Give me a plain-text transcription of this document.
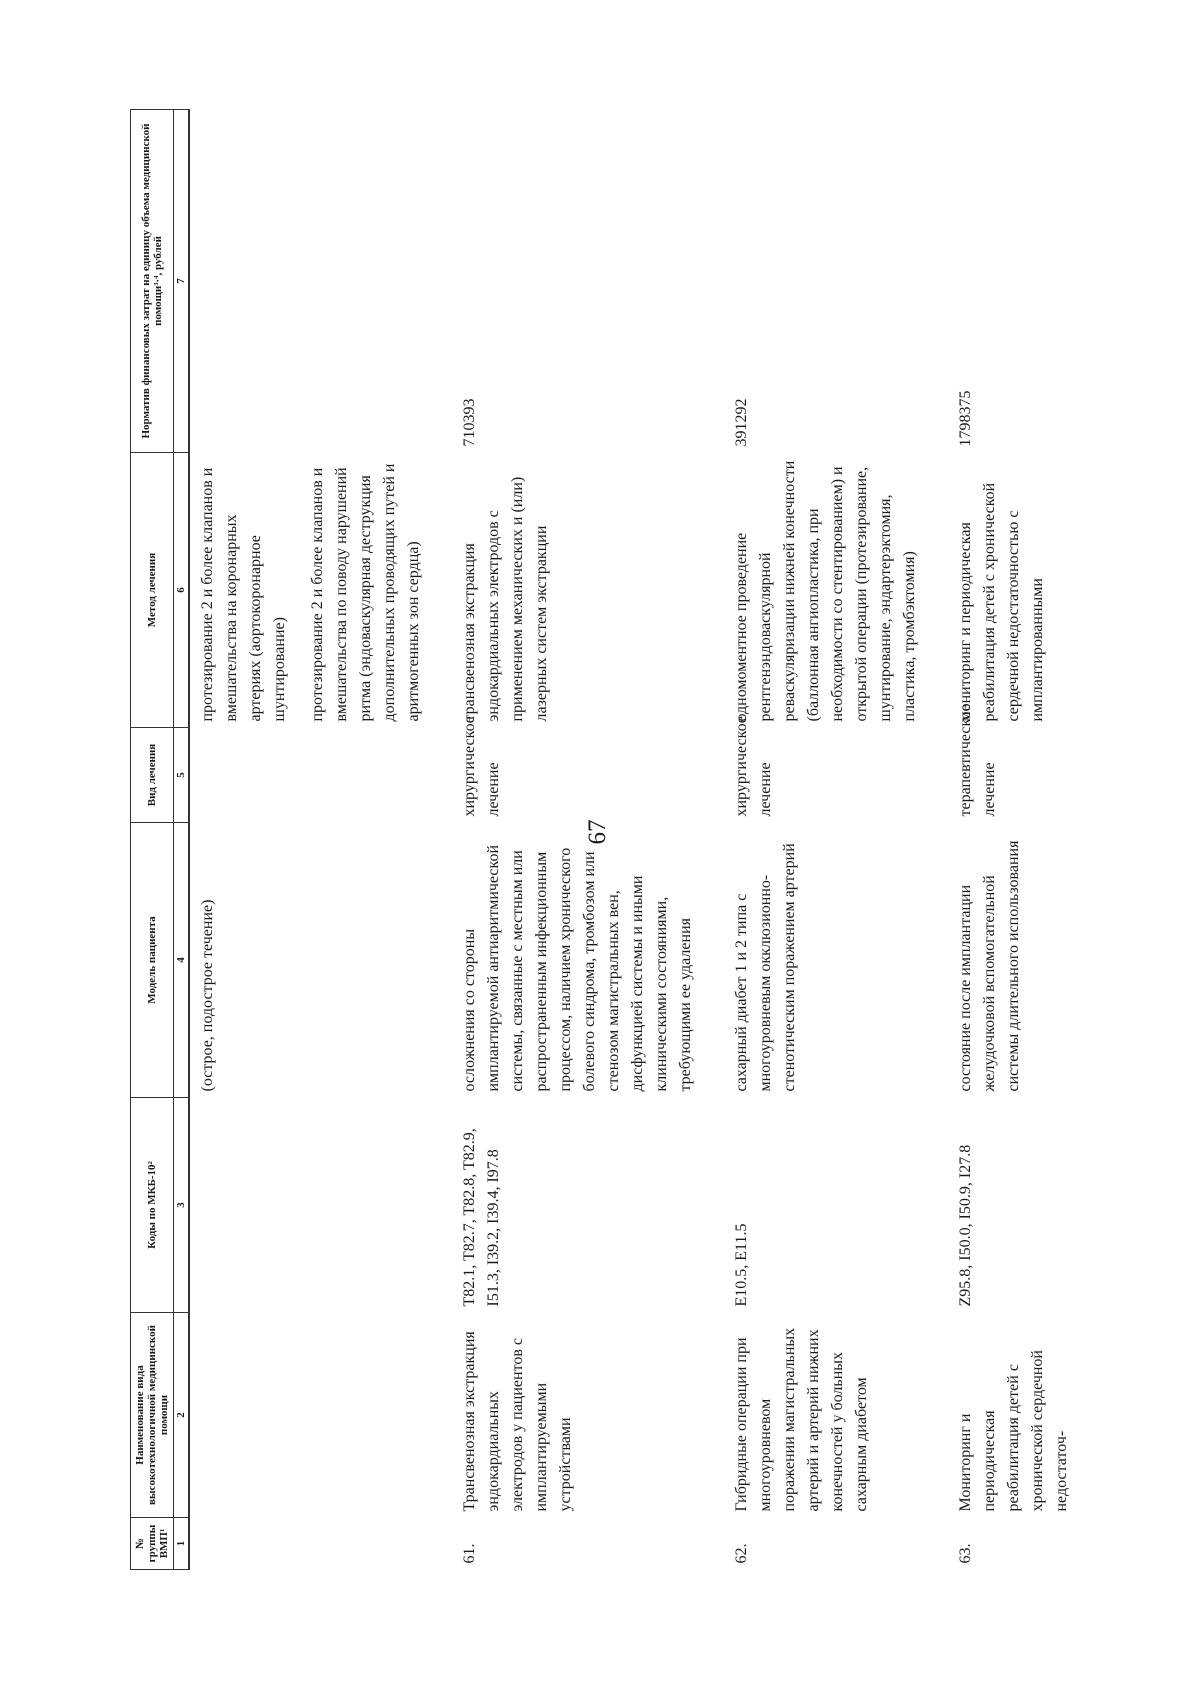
67
№ группы ВМП¹	Наименование вида высокотехнологичной медицинской помощи	Коды по МКБ-10²	Модель пациента	Вид лечения	Метод лечения	Норматив финансовых затрат на единицу объема медицинской помощи³·⁴, рублей
1	2	3	4	5	6	7
			(острое, подострое течение)		протезирование 2 и более клапанов и вмешательства на коронарных артериях (аортокоронарное шунтирование) протезирование 2 и более клапанов и вмешательства по поводу нарушений ритма (эндоваскулярная деструкция дополнительных проводящих путей и аритмогенных зон сердца)	
61.	Трансвенозная экстракция эндокардиальных электродов у пациентов с имплантируемыми устройствами	T82.1, T82.7, T82.8, T82.9, I51.3, I39.2, I39.4, I97.8	осложнения со стороны имплантируемой антиаритмической системы, связанные с местным или распространенным инфекционным процессом, наличием хронического болевого синдрома, тромбозом или стенозом магистральных вен, дисфункцией системы и иными клиническими состояниями, требующими ее удаления	хирургическое лечение	трансвенозная экстракция эндокардиальных электродов с применением механических и (или) лазерных систем экстракции	710393
62.	Гибридные операции при многоуровневом поражении магистральных артерий и артерий нижних конечностей у больных сахарным диабетом	E10.5, E11.5	сахарный диабет 1 и 2 типа с многоуровневым окклюзионно-стенотическим поражением артерий	хирургическое лечение	одномоментное проведение рентгенэндоваскулярной реваскуляризации нижней конечности (баллонная ангиопластика, при необходимости со стентированием) и открытой операции (протезирование, шунтирование, эндартерэктомия, пластика, тромбэктомия)	391292
63.	Мониторинг и периодическая реабилитация детей с хронической сердечной недостаточ-	Z95.8, I50.0, I50.9, I27.8	состояние после имплантации желудочковой вспомогательной системы длительного использования	терапевтическое лечение	мониторинг и периодическая реабилитация детей с хронической сердечной недостаточностью с имплантированными	1798375
